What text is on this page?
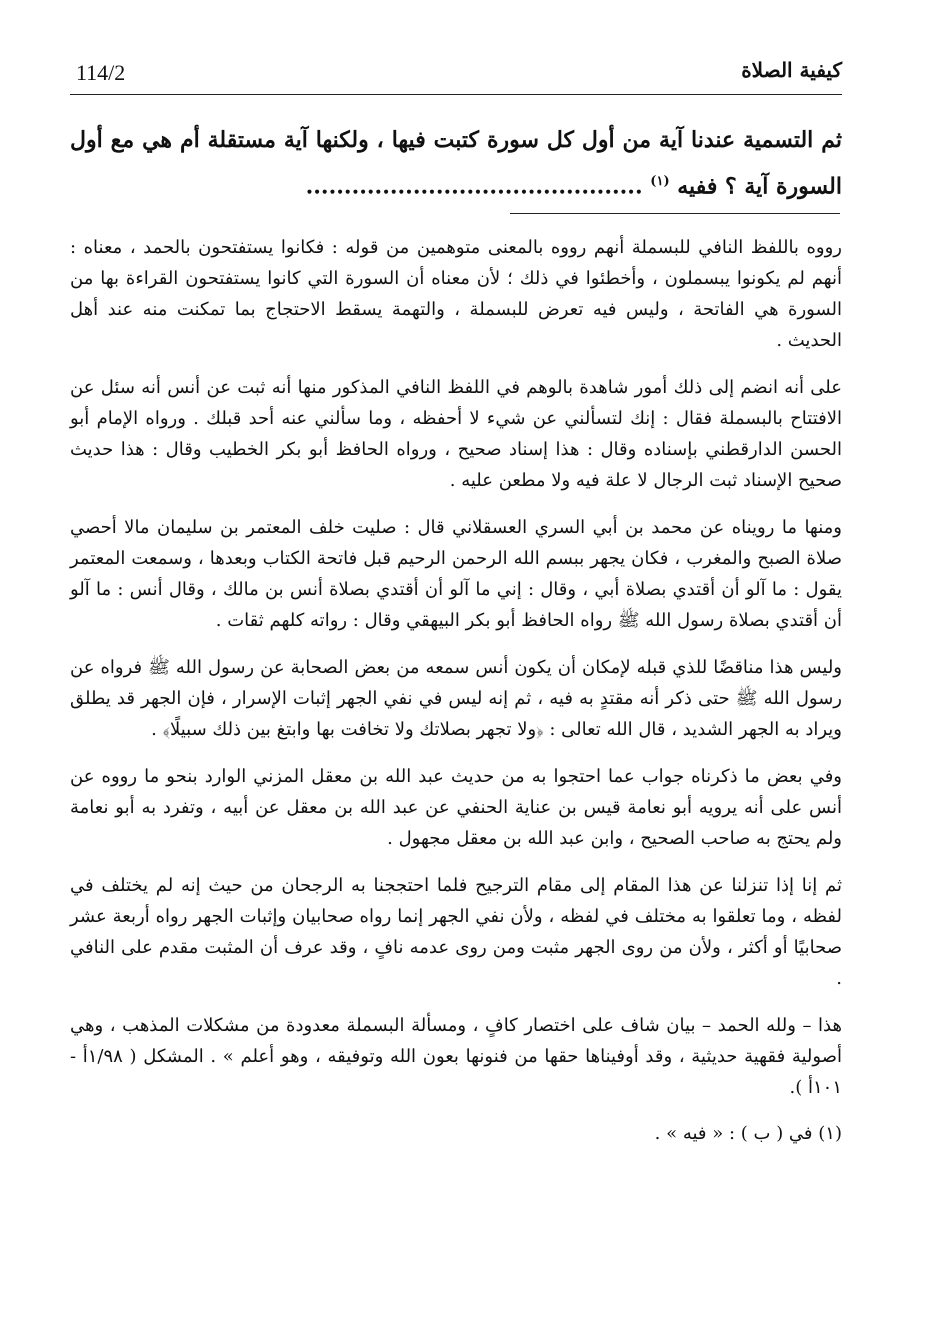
114/2	كيفية الصلاة
ثم التسمية عندنا آية من أول كل سورة كتبت فيها ، ولكنها آية مستقلة أم هي مع أول السورة آية ؟ ففيه $^{(١)}$ ............................................

رووه باللفظ النافي للبسملة أنهم رووه بالمعنى متوهمين من قوله : فكانوا يستفتحون بالحمد ، معناه : أنهم لم يكونوا يبسملون ، وأخطئوا في ذلك ؛ لأن معناه أن السورة التي كانوا يستفتحون القراءة بها من السورة هي الفاتحة ، وليس فيه تعرض للبسملة ، والتهمة يسقط الاحتجاج بما تمكنت منه عند أهل الحديث .

على أنه انضم إلى ذلك أمور شاهدة بالوهم في اللفظ النافي المذكور منها أنه ثبت عن أنس أنه سئل عن الافتتاح بالبسملة فقال : إنك لتسألني عن شيء لا أحفظه ، وما سألني عنه أحد قبلك . ورواه الإمام أبو الحسن الدارقطني بإسناده وقال : هذا إسناد صحيح ، ورواه الحافظ أبو بكر الخطيب وقال : هذا حديث صحيح الإسناد ثبت الرجال لا علة فيه ولا مطعن عليه .

ومنها ما رويناه عن محمد بن أبي السري العسقلاني قال : صليت خلف المعتمر بن سليمان مالا أحصي صلاة الصبح والمغرب ، فكان يجهر ببسم الله الرحمن الرحيم قبل فاتحة الكتاب وبعدها ، وسمعت المعتمر يقول : ما آلو أن أقتدي بصلاة أبي ، وقال : إني ما آلو أن أقتدي بصلاة أنس بن مالك ، وقال أنس : ما آلو أن أقتدي بصلاة رسول الله ﷺ رواه الحافظ أبو بكر البيهقي وقال : رواته كلهم ثقات .

وليس هذا مناقضًا للذي قبله لإمكان أن يكون أنس سمعه من بعض الصحابة عن رسول الله ﷺ فرواه عن رسول الله ﷺ حتى ذكر أنه مقتدٍ به فيه ، ثم إنه ليس في نفي الجهر إثبات الإسرار ، فإن الجهر قد يطلق ويراد به الجهر الشديد ، قال الله تعالى : ﴿ولا تجهر بصلاتك ولا تخافت بها وابتغ بين ذلك سبيلًا﴾ .

وفي بعض ما ذكرناه جواب عما احتجوا به من حديث عبد الله بن معقل المزني الوارد بنحو ما رووه عن أنس على أنه يرويه أبو نعامة قيس بن عناية الحنفي عن عبد الله بن معقل عن أبيه ، وتفرد به أبو نعامة ولم يحتج به صاحب الصحيح ، وابن عبد الله بن معقل مجهول .

ثم إنا إذا تنزلنا عن هذا المقام إلى مقام الترجيح فلما احتججنا به الرجحان من حيث إنه لم يختلف في لفظه ، وما تعلقوا به مختلف في لفظه ، ولأن نفي الجهر إنما رواه صحابيان وإثبات الجهر رواه أربعة عشر صحابيًا أو أكثر ، ولأن من روى الجهر مثبت ومن روى عدمه نافٍ ، وقد عرف أن المثبت مقدم على النافي .

هذا – ولله الحمد – بيان شاف على اختصار كافٍ ، ومسألة البسملة معدودة من مشكلات المذهب ، وهي أصولية فقهية حديثية ، وقد أوفيناها حقها من فنونها بعون الله وتوفيقه ، وهو أعلم » . المشكل ( ١/٩٨أ - ١٠١أ ).

(١) في ( ب ) : « فيه » .
